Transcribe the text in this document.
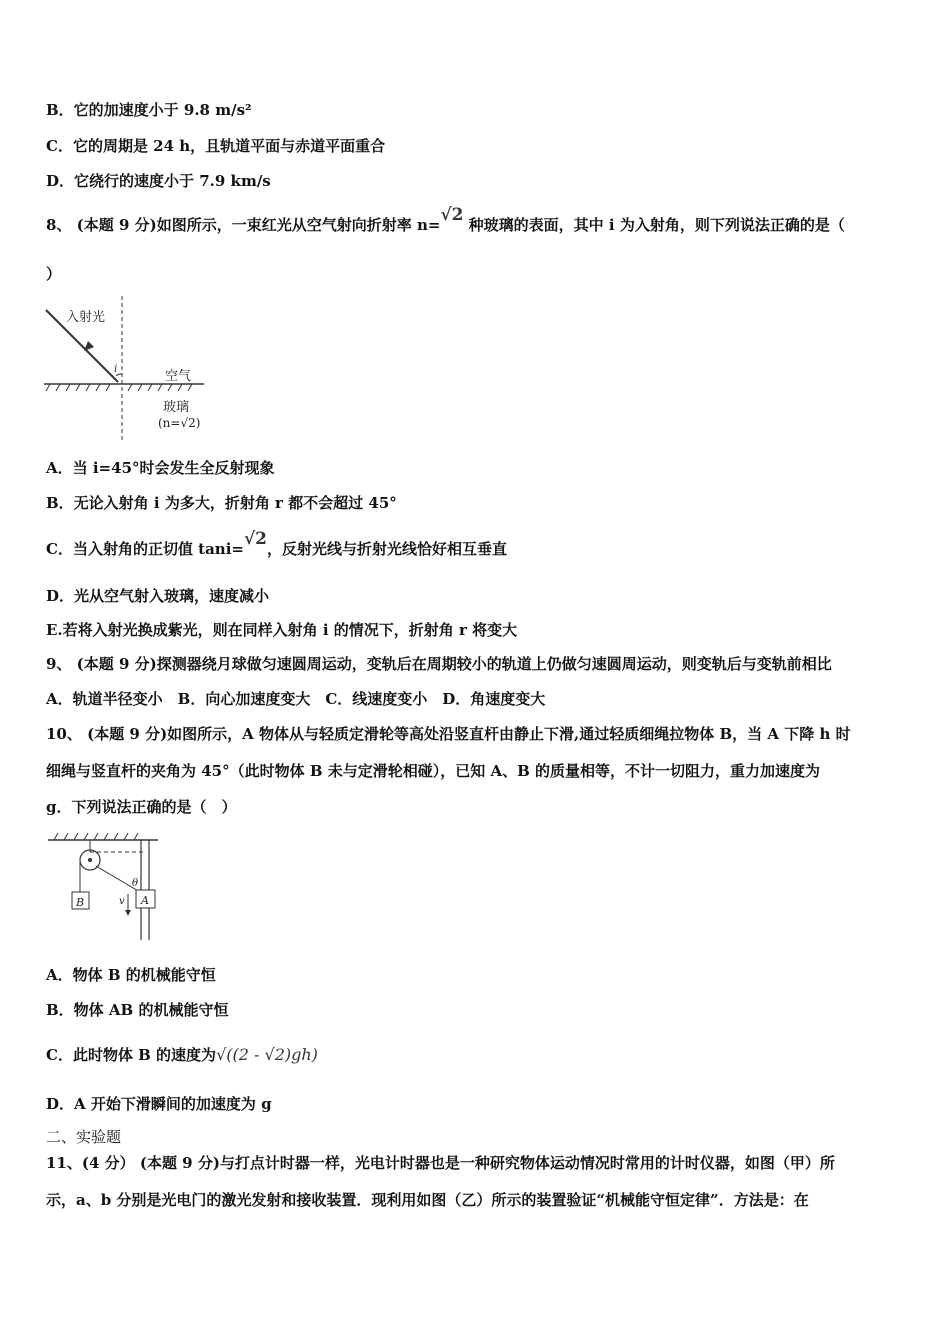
B．它的加速度小于 9.8 m/s²
C．它的周期是 24 h，且轨道平面与赤道平面重合
D．它绕行的速度小于 7.9 km/s
8、 (本题 9 分)如图所示，一束红光从空气射向折射率 n=√2 种玻璃的表面，其中 i 为入射角，则下列说法正确的是（
）
入射光
i	空气
玻璃
(n=√2)
A．当 i=45°时会发生全反射现象
B．无论入射角 i 为多大，折射角 r 都不会超过 45°
C．当入射角的正切值 tani=√2，反射光线与折射光线恰好相互垂直
D．光从空气射入玻璃，速度减小
E.若将入射光换成紫光，则在同样入射角 i 的情况下，折射角 r 将变大
9、 (本题 9 分)探测器绕月球做匀速圆周运动，变轨后在周期较小的轨道上仍做匀速圆周运动，则变轨后与变轨前相比
A．轨道半径变小　B．向心加速度变大　C．线速度变小　D．角速度变大
10、 (本题 9 分)如图所示，A 物体从与轻质定滑轮等高处沿竖直杆由静止下滑,通过轻质细绳拉物体 B，当 A 下降 h 时
细绳与竖直杆的夹角为 45°（此时物体 B 未与定滑轮相碰），已知 A、B 的质量相等，不计一切阻力，重力加速度为
g．下列说法正确的是（　）
B	A
θ
v
A．物体 B 的机械能守恒
B．物体 AB 的机械能守恒
C．此时物体 B 的速度为√((2 - √2)gh)
D．A 开始下滑瞬间的加速度为 g
二、实验题
11、(4 分） (本题 9 分)与打点计时器一样，光电计时器也是一种研究物体运动情况时常用的计时仪器，如图（甲）所
示，a、b 分别是光电门的激光发射和接收装置．现利用如图（乙）所示的装置验证“机械能守恒定律”．方法是：在
